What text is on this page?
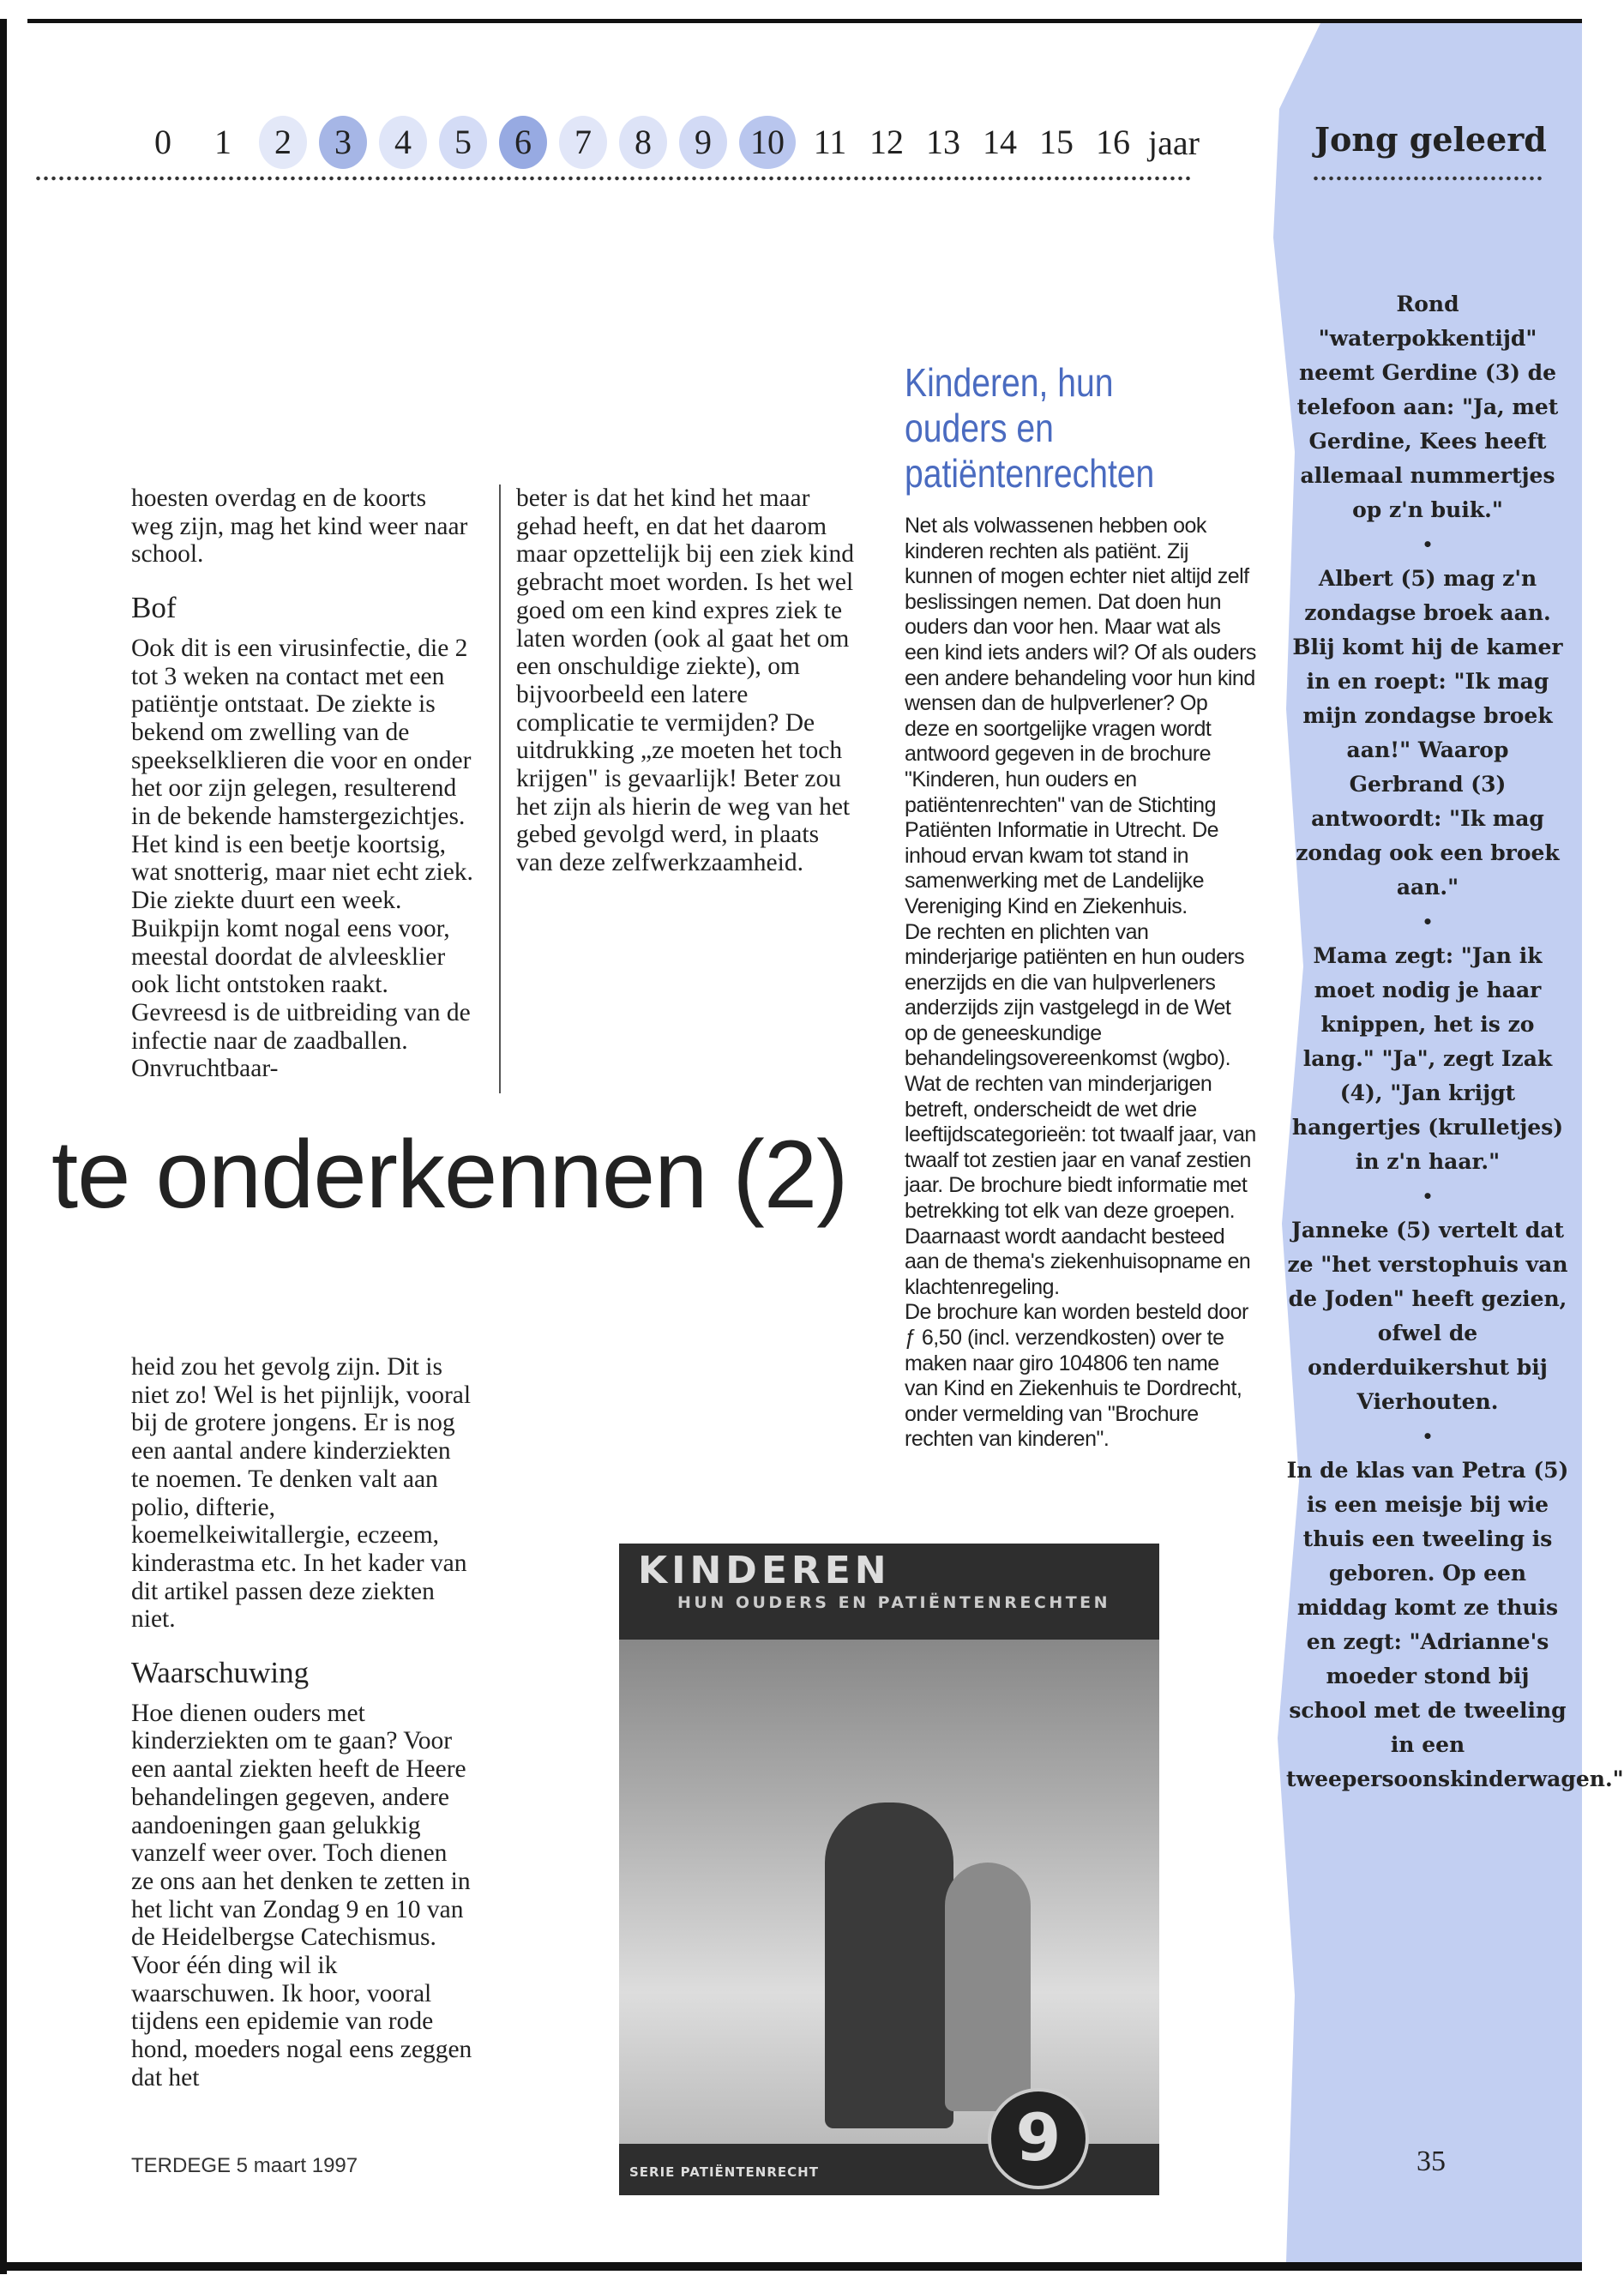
0	1	2	3	4	5	6	7	8	9	10 11 12 13 14 15 16 jaar	Jong geleerd

hoesten overdag en de koorts weg zijn, mag het kind weer naar school.

Bof

Ook dit is een virusinfectie, die 2 tot 3 weken na contact met een patiëntje ontstaat. De ziekte is bekend om zwelling van de speekselklieren die voor en onder het oor zijn gelegen, resulterend in de bekende hamstergezichtjes. Het kind is een beetje koortsig, wat snotterig, maar niet echt ziek. Die ziekte duurt een week. Buikpijn komt nogal eens voor, meestal doordat de alvleesklier ook licht ontstoken raakt. Gevreesd is de uitbreiding van de infectie naar de zaadballen. Onvruchtbaar-

beter is dat het kind het maar gehad heeft, en dat het daarom maar opzettelijk bij een ziek kind gebracht moet worden. Is het wel goed om een kind expres ziek te laten worden (ook al gaat het om een onschuldige ziekte), om bijvoorbeeld een latere complicatie te vermijden? De uitdrukking „ze moeten het toch krijgen" is gevaarlijk! Beter zou het zijn als hierin de weg van het gebed gevolgd werd, in plaats van deze zelfwerkzaamheid.

te onderkennen (2)

heid zou het gevolg zijn. Dit is niet zo! Wel is het pijnlijk, vooral bij de grotere jongens. Er is nog een aantal andere kinderziekten te noemen. Te denken valt aan polio, difterie, koemelkeiwitallergie, eczeem, kinderastma etc. In het kader van dit artikel passen deze ziekten niet.

Waarschuwing

Hoe dienen ouders met kinderziekten om te gaan? Voor een aantal ziekten heeft de Heere behandelingen gegeven, andere aandoeningen gaan gelukkig vanzelf weer over. Toch dienen ze ons aan het denken te zetten in het licht van Zondag 9 en 10 van de Heidelbergse Catechismus.

Voor één ding wil ik waarschuwen. Ik hoor, vooral tijdens een epidemie van rode hond, moeders nogal eens zeggen dat het

Kinderen, hun ouders en patiëntenrechten

Net als volwassenen hebben ook kinderen rechten als patiënt. Zij kunnen of mogen echter niet altijd zelf beslissingen nemen. Dat doen hun ouders dan voor hen. Maar wat als een kind iets anders wil? Of als ouders een andere behandeling voor hun kind wensen dan de hulpverlener? Op deze en soortgelijke vragen wordt antwoord gegeven in de brochure "Kinderen, hun ouders en patiëntenrechten" van de Stichting Patiënten Informatie in Utrecht. De inhoud ervan kwam tot stand in samenwerking met de Landelijke Vereniging Kind en Ziekenhuis.

De rechten en plichten van minderjarige patiënten en hun ouders enerzijds en die van hulpverleners anderzijds zijn vastgelegd in de Wet op de geneeskundige behandelingsovereenkomst (wgbo).

Wat de rechten van minderjarigen betreft, onderscheidt de wet drie leeftijdscategorieën: tot twaalf jaar, van twaalf tot zestien jaar en vanaf zestien jaar. De brochure biedt informatie met betrekking tot elk van deze groepen. Daarnaast wordt aandacht besteed aan de thema's ziekenhuisopname en klachtenregeling.

De brochure kan worden besteld door ƒ 6,50 (incl. verzendkosten) over te maken naar giro 104806 ten name van Kind en Ziekenhuis te Dordrecht, onder vermelding van "Brochure rechten van kinderen".

KINDEREN
HUN OUDERS EN PATIËNTENRECHTEN
SERIE PATIËNTENRECHT	9
Rond "waterpokkentijd" neemt Gerdine (3) de telefoon aan: "Ja, met Gerdine, Kees heeft allemaal nummertjes op z'n buik."
•
Albert (5) mag z'n zondagse broek aan. Blij komt hij de kamer in en roept: "Ik mag mijn zondagse broek aan!" Waarop Gerbrand (3) antwoordt: "Ik mag zondag ook een broek aan."
•
Mama zegt: "Jan ik moet nodig je haar knippen, het is zo lang." "Ja", zegt Izak (4), "Jan krijgt hangertjes (krulletjes) in z'n haar."
•
Janneke (5) vertelt dat ze "het verstophuis van de Joden" heeft gezien, ofwel de onderduikershut bij Vierhouten.
•
In de klas van Petra (5) is een meisje bij wie thuis een tweeling is geboren. Op een middag komt ze thuis en zegt: "Adrianne's moeder stond bij school met de tweeling in een tweepersoonskinderwagen."
TERDEGE 5 maart 1997	35
